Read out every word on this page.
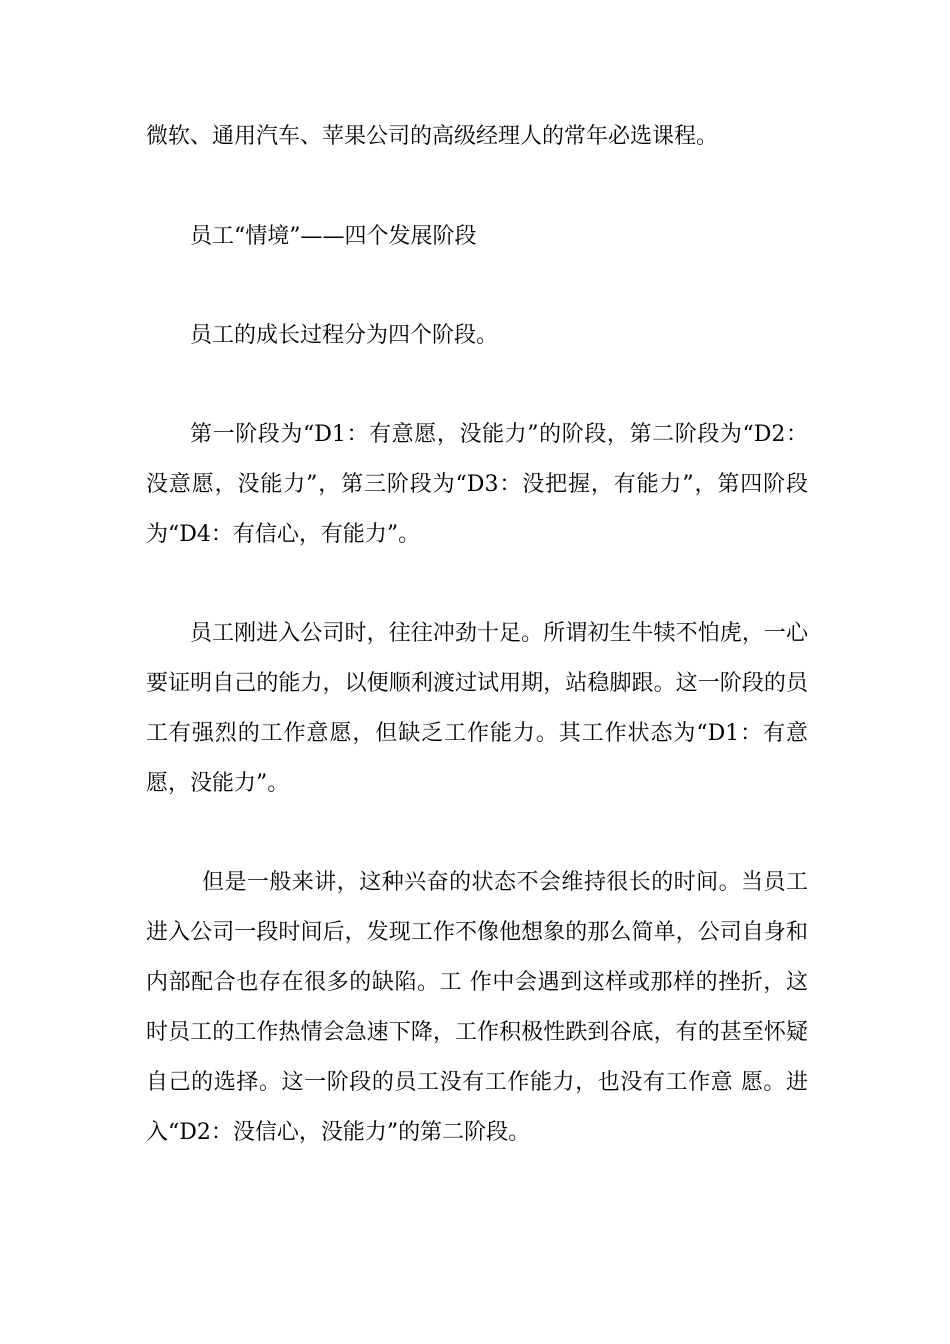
微软、通用汽车、苹果公司的高级经理人的常年必选课程。

员工“情境”——四个发展阶段

员工的成长过程分为四个阶段。

第一阶段为“D1：有意愿，没能力”的阶段，第二阶段为“D2：没意愿，没能力”，第三阶段为“D3：没把握，有能力”，第四阶段为“D4：有信心，有能力”。

员工刚进入公司时，往往冲劲十足。所谓初生牛犊不怕虎，一心要证明自己的能力，以便顺利渡过试用期，站稳脚跟。这一阶段的员工有强烈的工作意愿，但缺乏工作能力。其工作状态为“D1：有意愿，没能力”。

但是一般来讲，这种兴奋的状态不会维持很长的时间。当员工进入公司一段时间后，发现工作不像他想象的那么简单，公司自身和内部配合也存在很多的缺陷。工 作中会遇到这样或那样的挫折，这时员工的工作热情会急速下降，工作积极性跌到谷底，有的甚至怀疑自己的选择。这一阶段的员工没有工作能力，也没有工作意 愿。进入“D2：没信心，没能力”的第二阶段。
